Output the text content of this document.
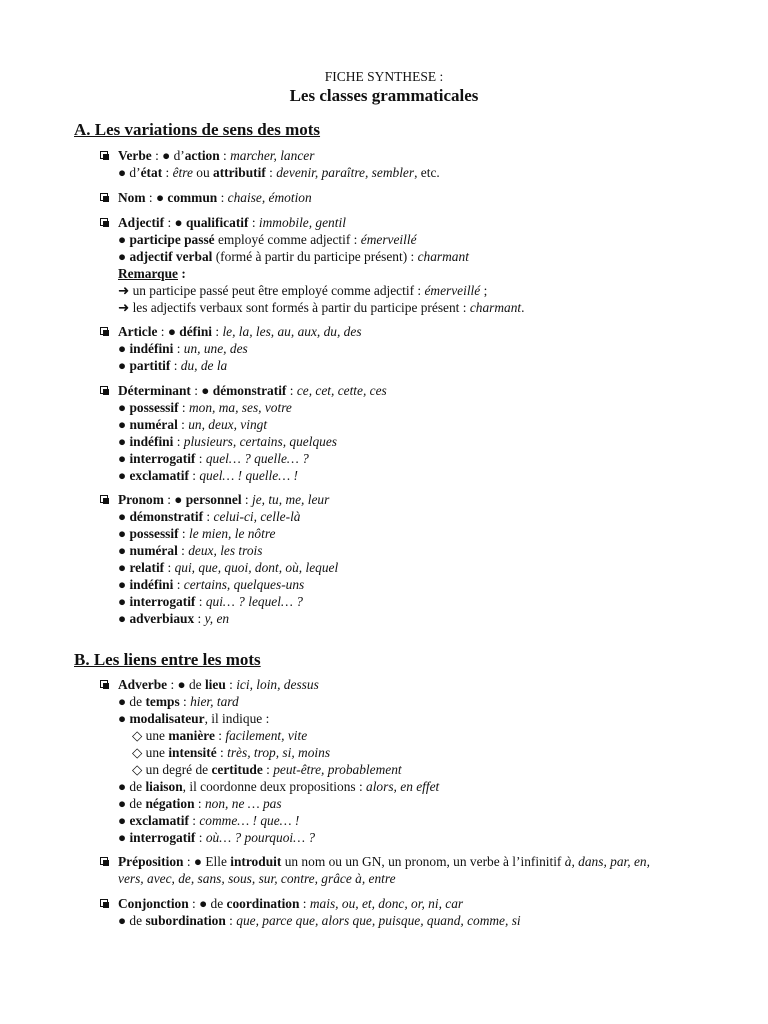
FICHE SYNTHESE :
Les classes grammaticales
A. Les variations de sens des mots
B. Les liens entre les mots
Verbe : ● d’action : marcher, lancer
● d’état : être ou attributif : devenir, paraître, sembler, etc.
Nom : ● commun : chaise, émotion
Adjectif : ● qualificatif : immobile, gentil
● participe passé employé comme adjectif : émerveillé
● adjectif verbal (formé à partir du participe présent) : charmant
Remarque :
➜ un participe passé peut être employé comme adjectif : émerveillé ;
➜ les adjectifs verbaux sont formés à partir du participe présent : charmant.
Article : ● défini : le, la, les, au, aux, du, des
● indéfini : un, une, des
● partitif : du, de la
Déterminant : ● démonstratif : ce, cet, cette, ces
● possessif : mon, ma, ses, votre
● numéral : un, deux, vingt
● indéfini : plusieurs, certains, quelques
● interrogatif : quel… ? quelle… ?
● exclamatif : quel… ! quelle… !
Pronom : ● personnel : je, tu, me, leur
● démonstratif : celui-ci, celle-là
● possessif : le mien, le nôtre
● numéral : deux, les trois
● relatif : qui, que, quoi, dont, où, lequel
● indéfini : certains, quelques-uns
● interrogatif : qui… ? lequel… ?
● adverbiaux : y, en
Adverbe : ● de lieu : ici, loin, dessus
● de temps : hier, tard
● modalisateur, il indique :
◇ une manière : facilement, vite
◇ une intensité : très, trop, si, moins
◇ un degré de certitude : peut-être, probablement
● de liaison, il coordonne deux propositions : alors, en effet
● de négation : non, ne … pas
● exclamatif : comme… ! que… !
● interrogatif : où… ? pourquoi… ?
Préposition : ● Elle introduit un nom ou un GN, un pronom, un verbe à l’infinitif à, dans, par, en, vers, avec, de, sans, sous, sur, contre, grâce à, entre
Conjonction : ● de coordination : mais, ou, et, donc, or, ni, car
● de subordination : que, parce que, alors que, puisque, quand, comme, si
